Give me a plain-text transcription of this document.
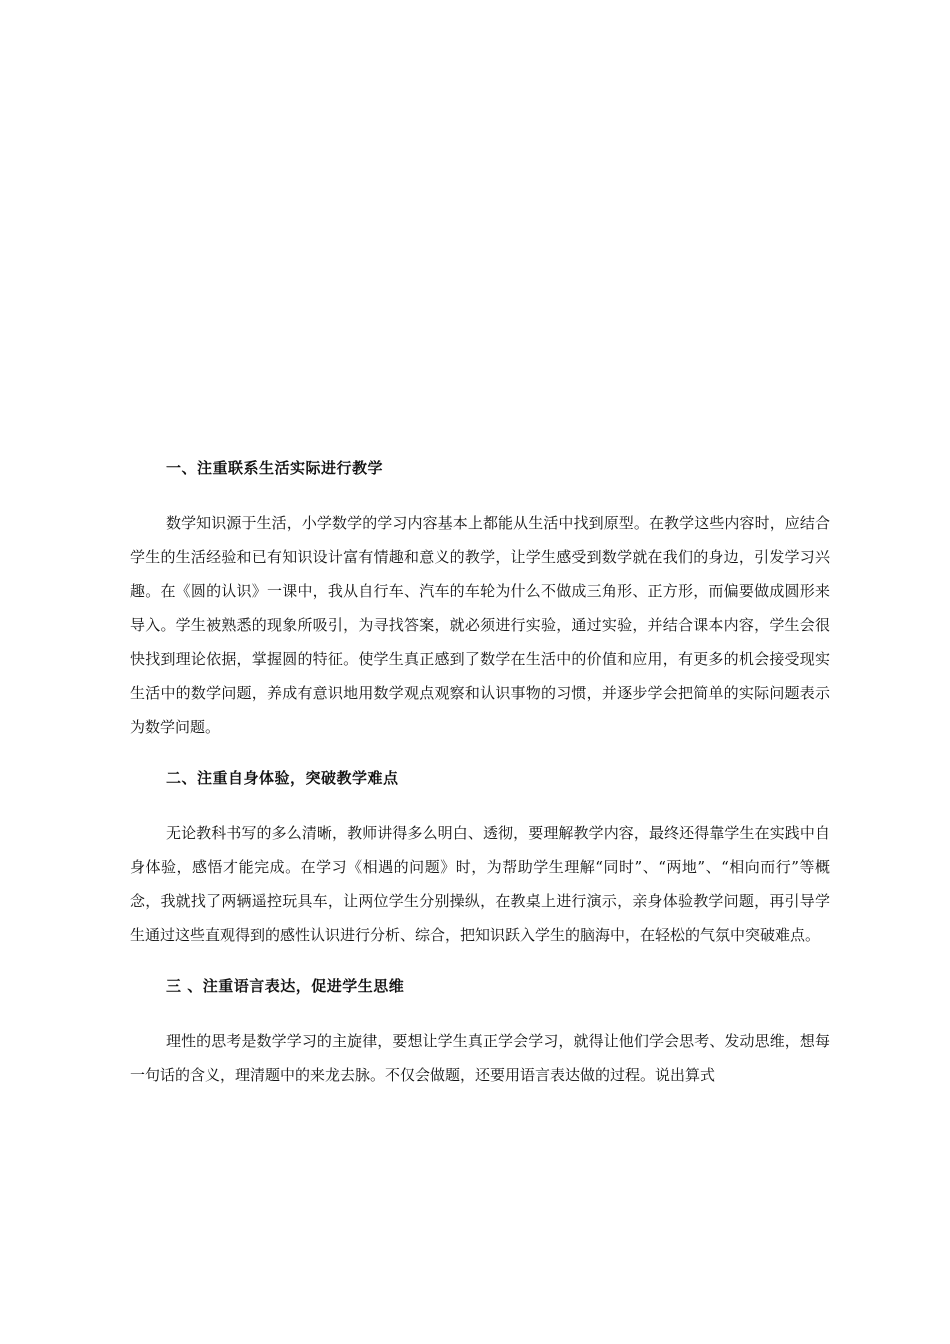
一、注重联系生活实际进行教学

数学知识源于生活，小学数学的学习内容基本上都能从生活中找到原型。在教学这些内容时，应结合学生的生活经验和已有知识设计富有情趣和意义的教学，让学生感受到数学就在我们的身边，引发学习兴趣。在《圆的认识》一课中，我从自行车、汽车的车轮为什么不做成三角形、正方形，而偏要做成圆形来导入。学生被熟悉的现象所吸引，为寻找答案，就必须进行实验，通过实验，并结合课本内容，学生会很快找到理论依据，掌握圆的特征。使学生真正感到了数学在生活中的价值和应用，有更多的机会接受现实生活中的数学问题，养成有意识地用数学观点观察和认识事物的习惯，并逐步学会把简单的实际问题表示为数学问题。

二、注重自身体验，突破教学难点

无论教科书写的多么清晰，教师讲得多么明白、透彻，要理解教学内容，最终还得靠学生在实践中自身体验，感悟才能完成。在学习《相遇的问题》时，为帮助学生理解“同时”、“两地”、“相向而行”等概念，我就找了两辆遥控玩具车，让两位学生分别操纵，在教桌上进行演示，亲身体验教学问题，再引导学生通过这些直观得到的感性认识进行分析、综合，把知识跃入学生的脑海中，在轻松的气氛中突破难点。

三 、注重语言表达，促进学生思维

理性的思考是数学学习的主旋律，要想让学生真正学会学习，就得让他们学会思考、发动思维，想每一句话的含义，理清题中的来龙去脉。不仅会做题，还要用语言表达做的过程。说出算式
